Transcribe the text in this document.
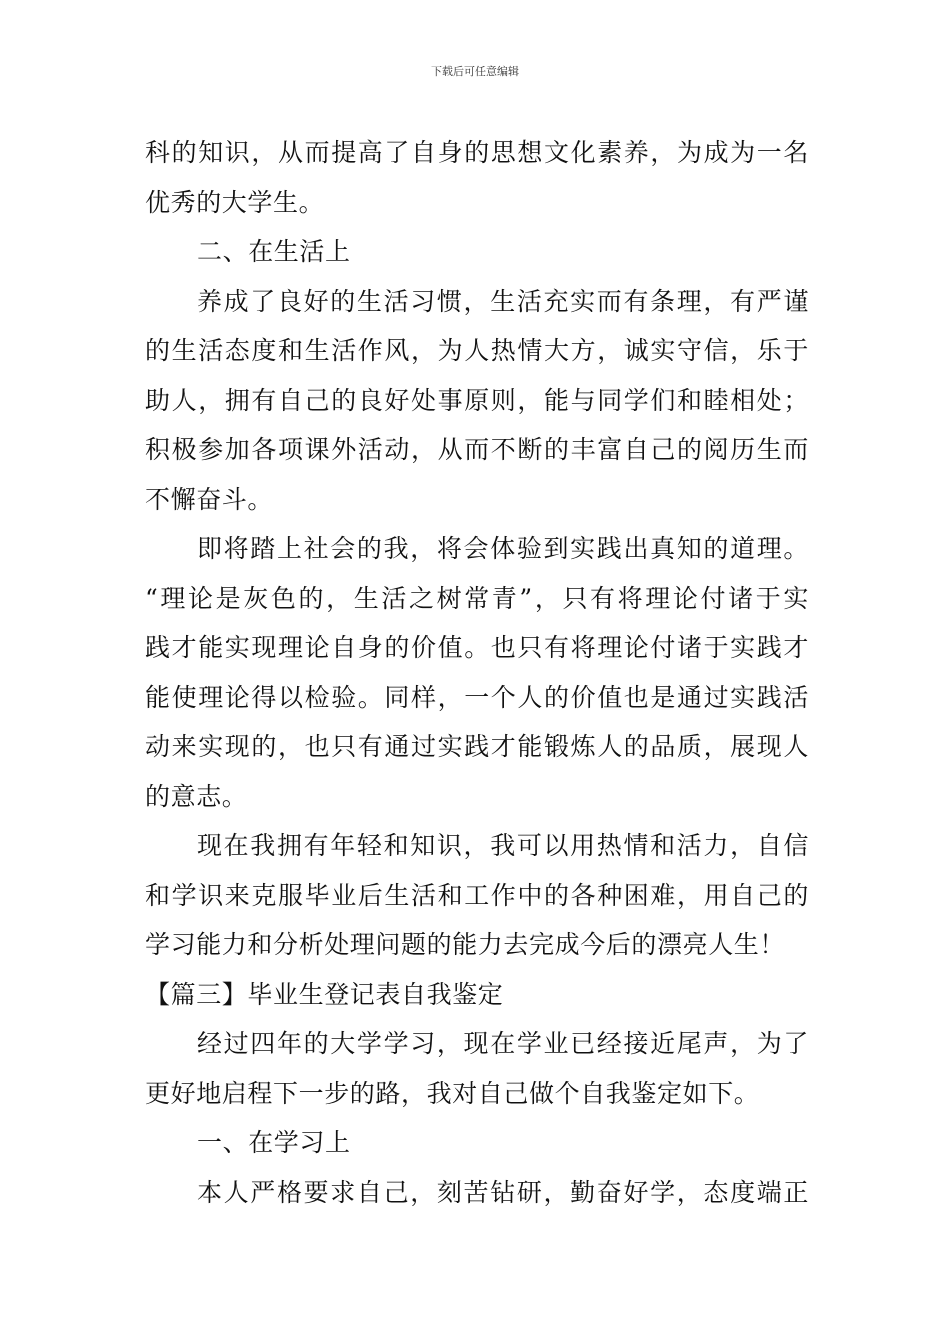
下载后可任意编辑

科的知识，从而提高了自身的思想文化素养，为成为一名
优秀的大学生。

二、在生活上

养成了良好的生活习惯，生活充实而有条理，有严谨
的生活态度和生活作风，为人热情大方，诚实守信，乐于
助人，拥有自己的良好处事原则，能与同学们和睦相处；
积极参加各项课外活动，从而不断的丰富自己的阅历生而
不懈奋斗。

即将踏上社会的我，将会体验到实践出真知的道理。
“理论是灰色的，生活之树常青”，只有将理论付诸于实
践才能实现理论自身的价值。也只有将理论付诸于实践才
能使理论得以检验。同样，一个人的价值也是通过实践活
动来实现的，也只有通过实践才能锻炼人的品质，展现人
的意志。

现在我拥有年轻和知识，我可以用热情和活力，自信
和学识来克服毕业后生活和工作中的各种困难，用自己的
学习能力和分析处理问题的能力去完成今后的漂亮人生！

【篇三】毕业生登记表自我鉴定

经过四年的大学学习，现在学业已经接近尾声，为了
更好地启程下一步的路，我对自己做个自我鉴定如下。

一、在学习上

本人严格要求自己，刻苦钻研，勤奋好学，态度端正
